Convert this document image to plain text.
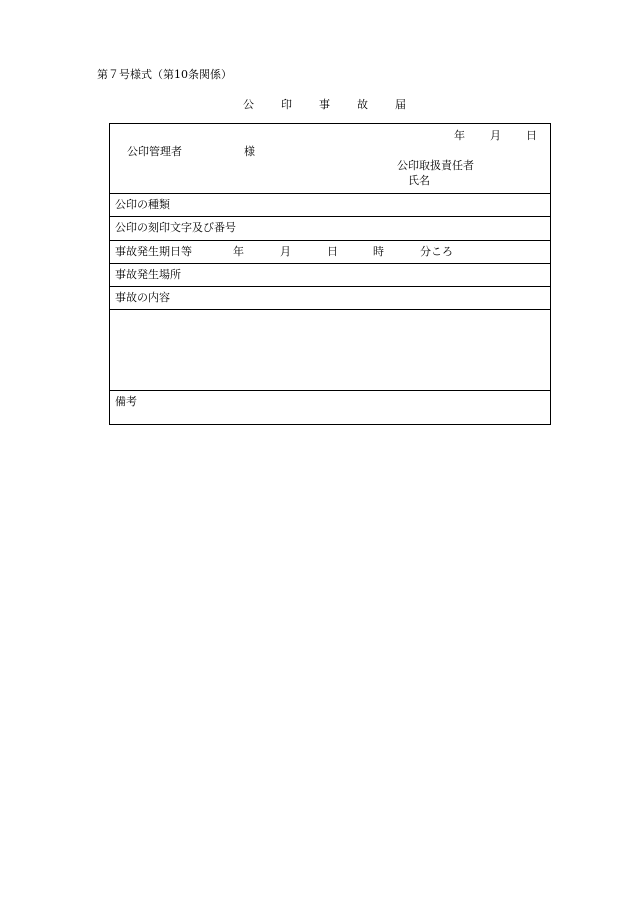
第７号様式（第10条関係）
公印事故届
年 月 日
公印管理者	様
公印取扱責任者
氏名
公印の種類
公印の刻印文字及び番号
事故発生期日等	年	月	日	時	分ころ
事故発生場所
事故の内容
備考
